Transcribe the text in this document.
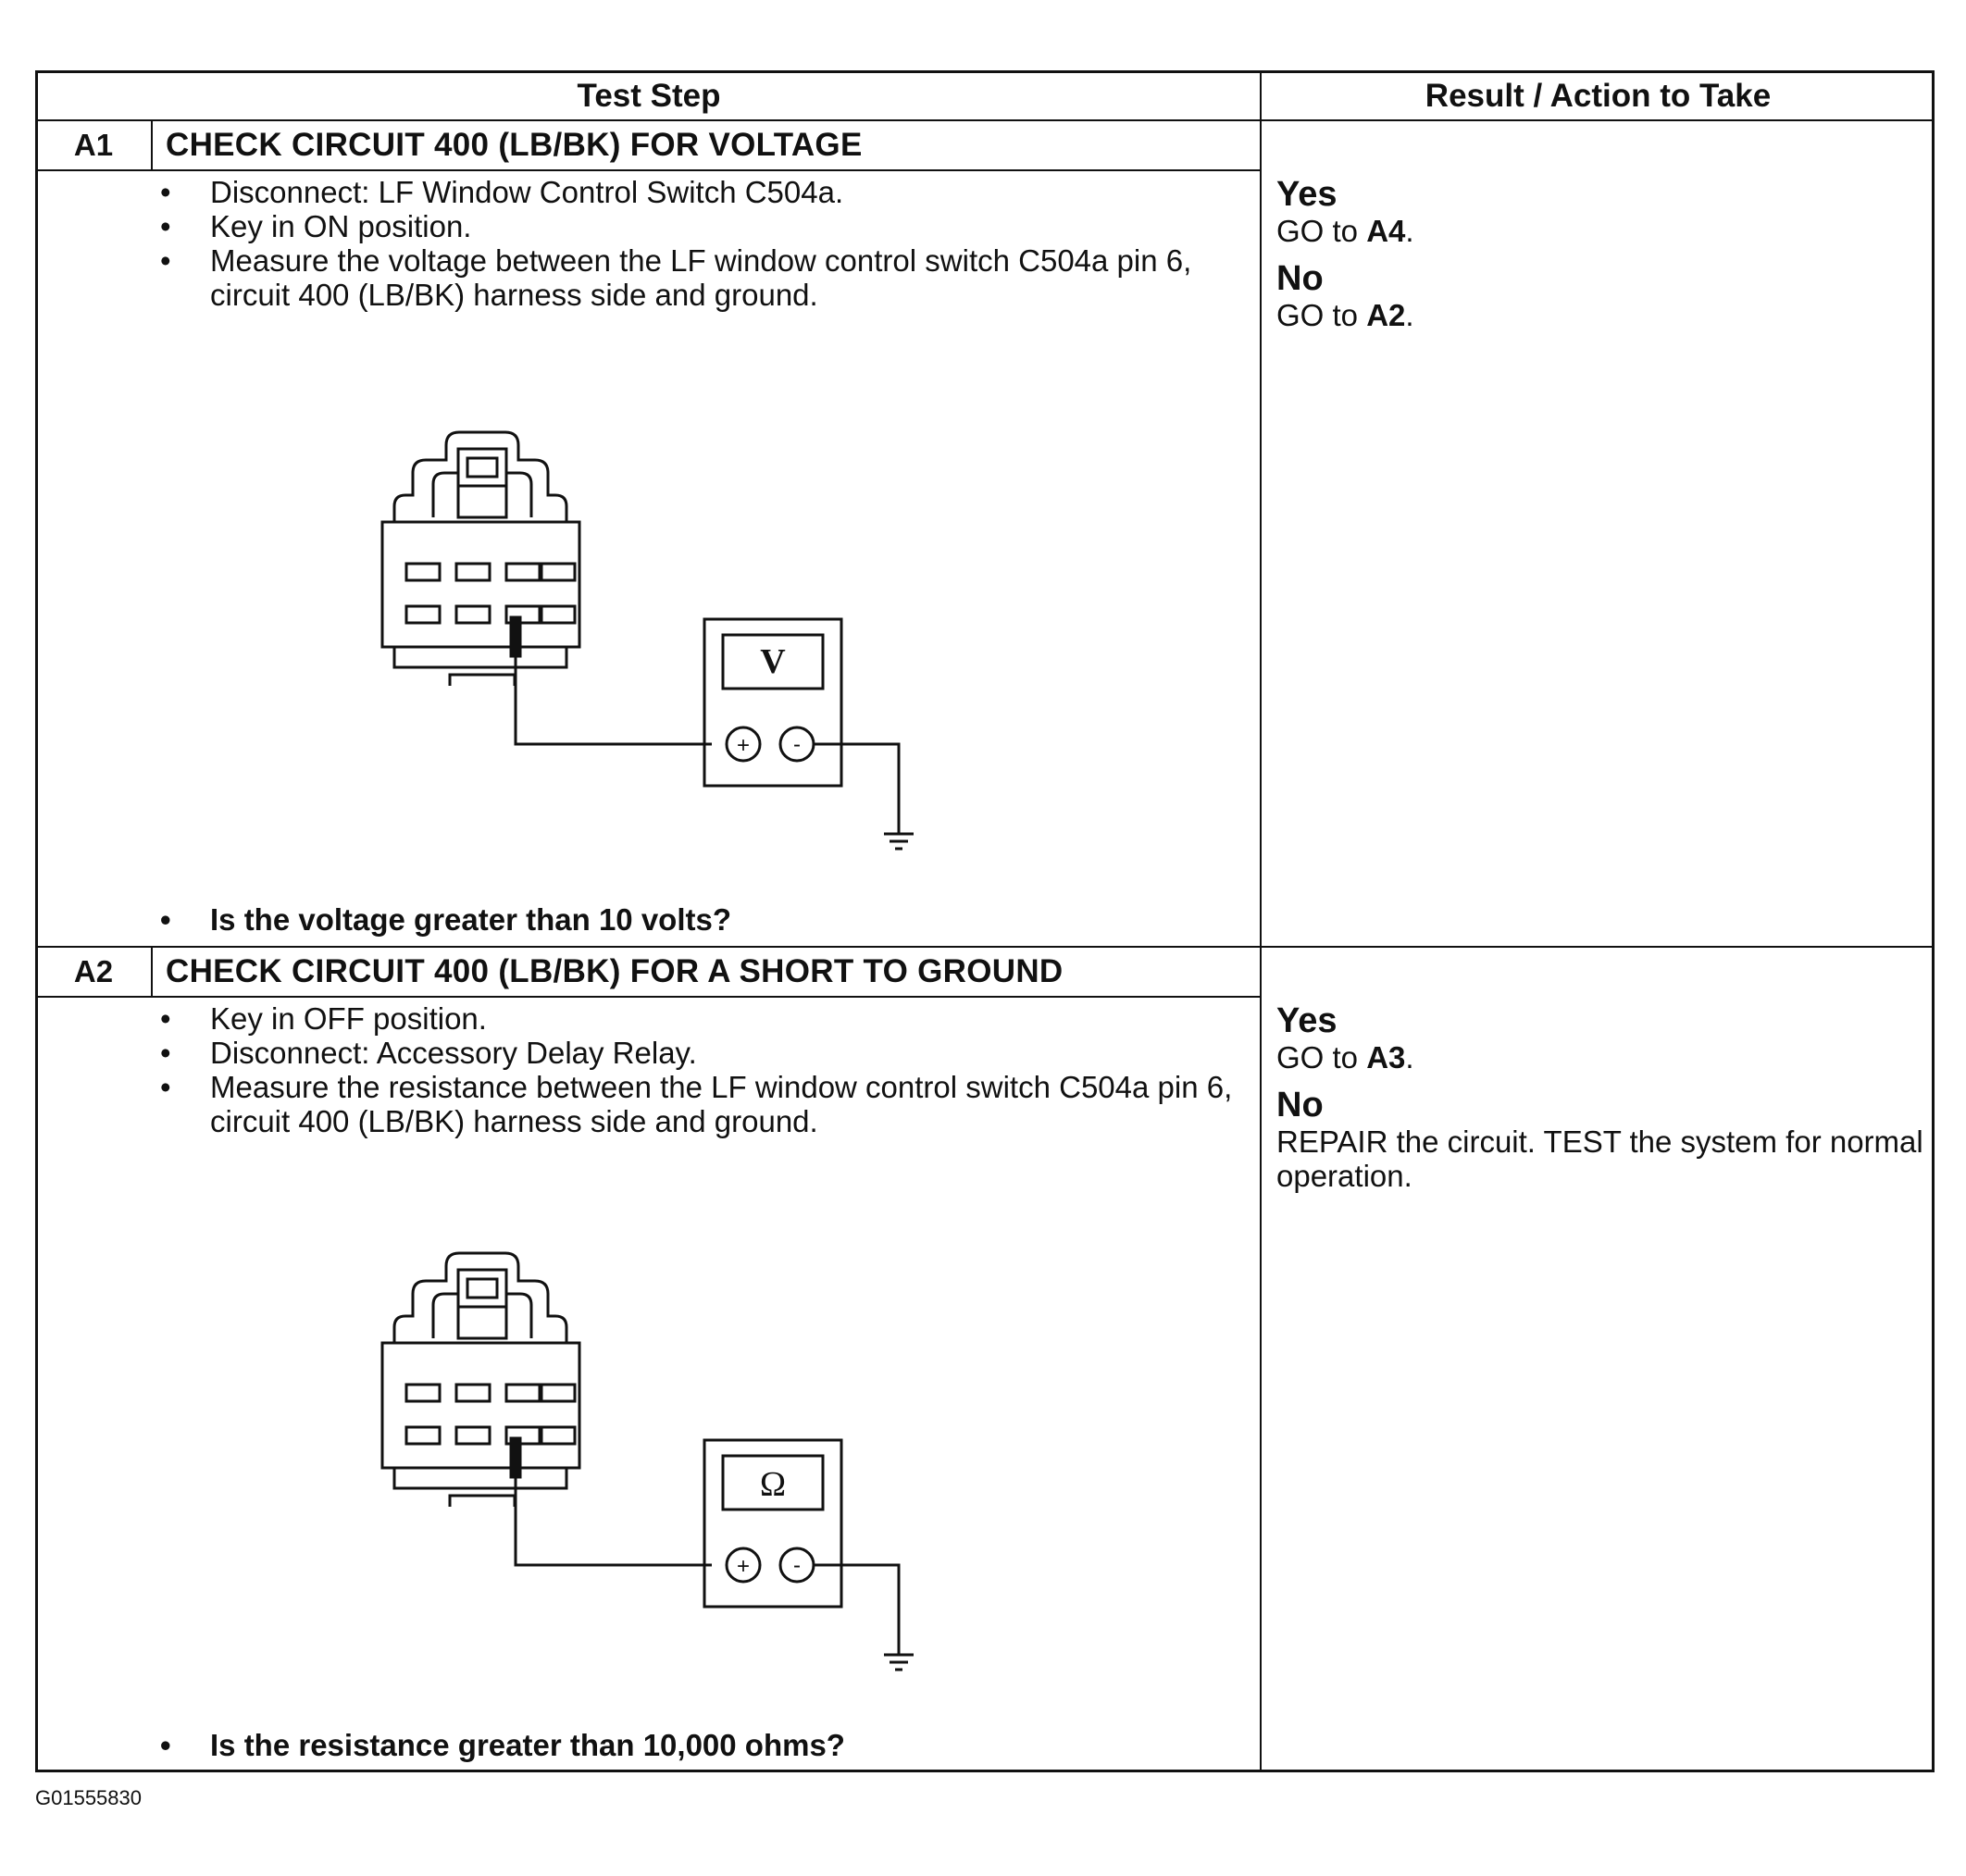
Test Step	Result / Action to Take
A1	CHECK CIRCUIT 400 (LB/BK) FOR VOLTAGE
• Disconnect: LF Window Control Switch C504a.
• Key in ON position.
• Measure the voltage between the LF window control switch C504a pin 6, circuit 400 (LB/BK) harness side and ground.
V
+ -
• Is the voltage greater than 10 volts?
Yes
GO to A4.
No
GO to A2.
A2	CHECK CIRCUIT 400 (LB/BK) FOR A SHORT TO GROUND
• Key in OFF position.
• Disconnect: Accessory Delay Relay.
• Measure the resistance between the LF window control switch C504a pin 6, circuit 400 (LB/BK) harness side and ground.
Ω
+ -
• Is the resistance greater than 10,000 ohms?
Yes
GO to A3.
No
REPAIR the circuit. TEST the system for normal operation.
G01555830
